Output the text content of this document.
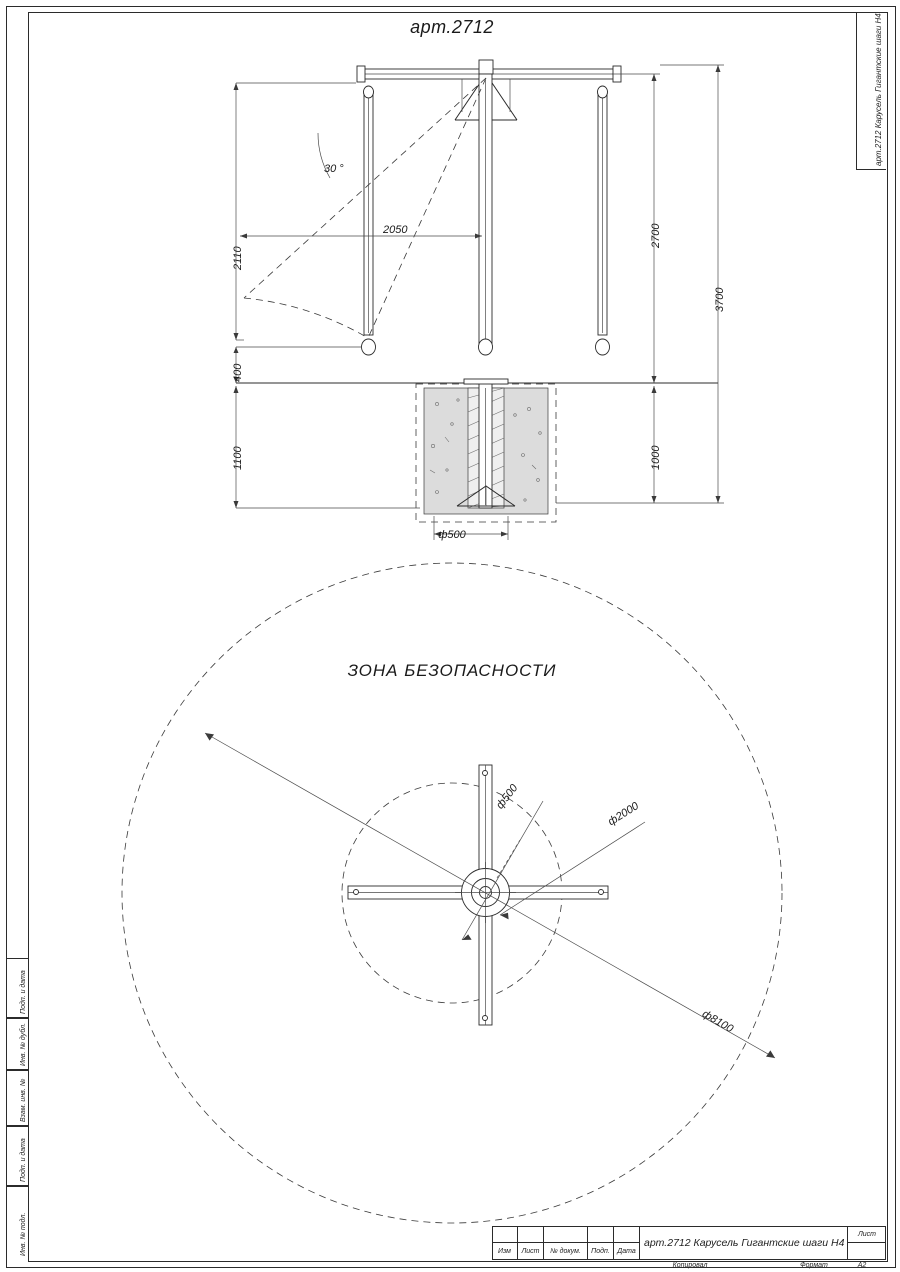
арт.2712	арт.2712 Карусель Гигантские шаги Н4
2110
400
1100
2050	2700
1000
3700
ф500
30 °
ЗОНА БЕЗОПАСНОСТИ
ф500
ф2000
ф8100
Подп. и дата
Инв. № дубл.
Взам. инв. №
Подп. и дата
Инв. № подл.	Изм	Лист	№ докум.	Подп.	Дата
арт.2712 Карусель Гигантские шаги Н4
Лист
Копировал	Формат	А2
